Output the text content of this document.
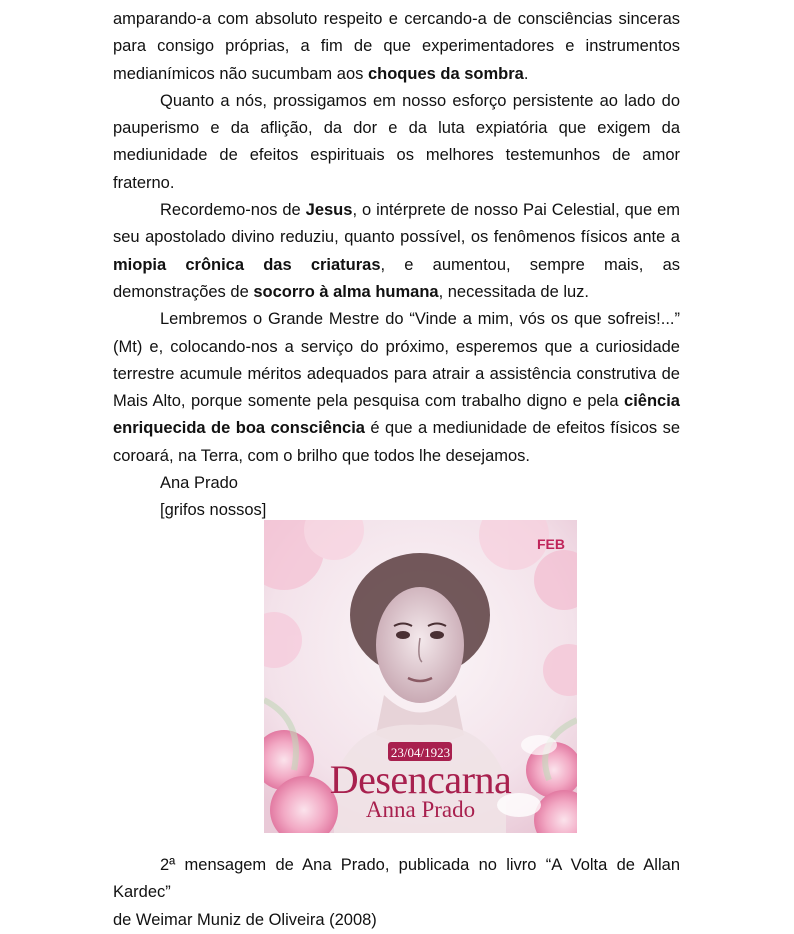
amparando-a com absoluto respeito e cercando-a de consciências sinceras para consigo próprias, a fim de que experimentadores e instrumentos medianímicos não sucumbam aos choques da sombra.

Quanto a nós, prossigamos em nosso esforço persistente ao lado do pauperismo e da aflição, da dor e da luta expiatória que exigem da mediunidade de efeitos espirituais os melhores testemunhos de amor fraterno.

Recordemo-nos de Jesus, o intérprete de nosso Pai Celestial, que em seu apostolado divino reduziu, quanto possível, os fenômenos físicos ante a miopia crônica das criaturas, e aumentou, sempre mais, as demonstrações de socorro à alma humana, necessitada de luz.

Lembremos o Grande Mestre do “Vinde a mim, vós os que sofreis!...” (Mt) e, colocando-nos a serviço do próximo, esperemos que a curiosidade terrestre acumule méritos adequados para atrair a assistência construtiva de Mais Alto, porque somente pela pesquisa com trabalho digno e pela ciência enriquecida de boa consciência é que a mediunidade de efeitos físicos se coroará, na Terra, com o brilho que todos lhe desejamos.

Ana Prado

[grifos nossos]

FEB
23/04/1923
Desencarna
Anna Prado

2ª mensagem de Ana Prado, publicada no livro “A Volta de Allan Kardec”

de Weimar Muniz de Oliveira (2008)
